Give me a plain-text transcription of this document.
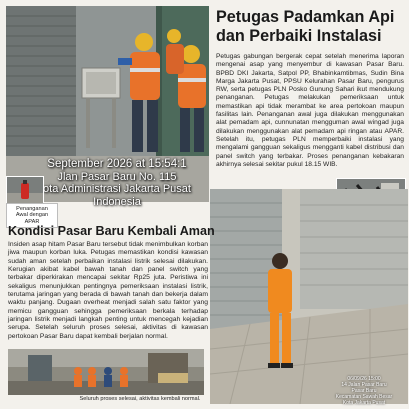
September 2026 at 15:54:1
Jlan Pasar Baru No. 115
ota Administrasi Jakarta Pusat
Indonesia
Penanganan Awal dengan APAR
Petugas Padamkan Api
dan Perbaiki Instalasi

Petugas gabungan bergerak cepat setelah menerima laporan mengenai asap yang menyembur di kawasan Pasar Baru. BPBD DKI Jakarta, Satpol PP, Bhabinkamtibmas, Sudin Bina Marga Jakarta Pusat, PPSU Kelurahan Pasar Baru, pengurus RW, serta petugas PLN Posko Gunung Sahari ikut mendukung penanganan. Petugas melakukan pemeriksaan untuk memastikan api tidak merambat ke area pertokoan maupun fasilitas lain. Penanganan awal juga dilakukan menggunakan alat pemadam api, cunnunatan mengguman awal wingad juga dilakukan menggunakan alat pemadam api ringan atau APAR. Setelah itu, petugas PLN memperbaiki instalasi yang mengalami gangguan sekaligus mengganti kabel distribusi dan panel switch yang terbakar. Proses penanganan kebakaran akhirnya selesai sekitar pukul 18.15 WIB.

06/09/26 15:00
14 Jalan Pasar Baru
Pasar Baru
Kecamatan Sawah Besar
Kota Jakarta Pusat
Kondisi Pasar Baru Kembali Aman

Insiden asap hitam Pasar Baru tersebut tidak menimbulkan korban jiwa maupun korban luka. Petugas memastikan kondisi kawasan sudah aman setelah perbaikan instalasi listrik selesai dilakukan. Kerugian akibat kabel bawah tanah dan panel switch yang terbakar diperkirakan mencapai sekitar Rp25 juta. Peristiwa ini sekaligus menunjukkan pentingnya pemeriksaan instalasi listrik, terutama jaringan yang berada di bawah tanah dan bekerja dalam waktu panjang. Dugaan overheat menjadi salah satu faktor yang memicu gangguan sehingga pemeriksaan berkala terhadap jaringan listrik menjadi langkah penting untuk mencegah kejadian serupa. Setelah seluruh proses selesai, aktivitas di kawasan pertokoan Pasar Baru dapat kembali berjalan normal.

Seluruh proses selesai, aktivitas kembali normal.
